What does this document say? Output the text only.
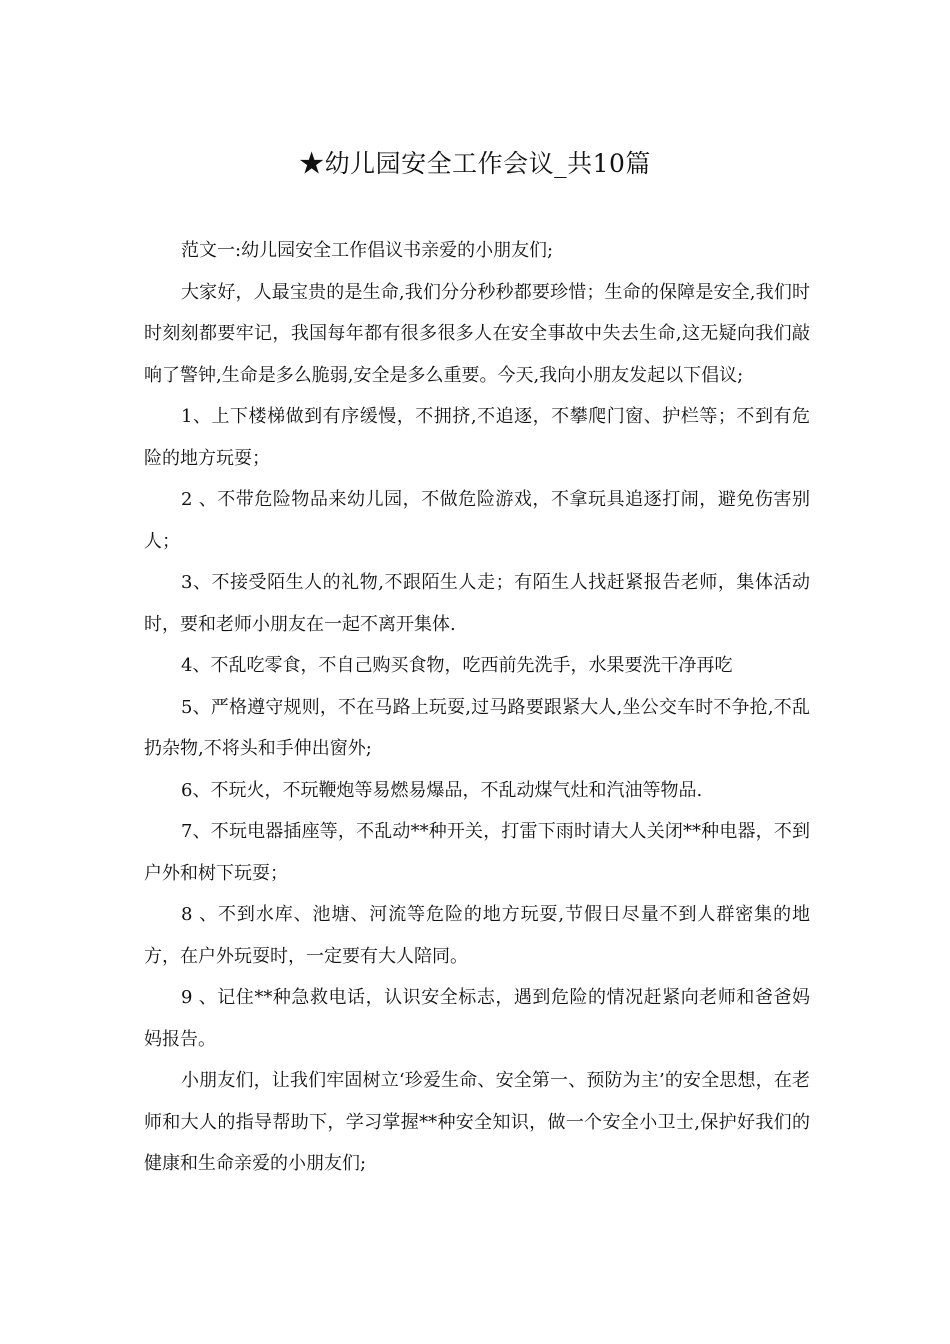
★幼儿园安全工作会议_共10篇

范文一:幼儿园安全工作倡议书亲爱的小朋友们;

大家好，人最宝贵的是生命,我们分分秒秒都要珍惜；生命的保障是安全,我们时时刻刻都要牢记，我国每年都有很多很多人在安全事故中失去生命,这无疑向我们敲响了警钟,生命是多么脆弱,安全是多么重要。今天,我向小朋友发起以下倡议;

1、上下楼梯做到有序缓慢，不拥挤,不追逐，不攀爬门窗、护栏等；不到有危险的地方玩耍；

2 、不带危险物品来幼儿园，不做危险游戏，不拿玩具追逐打闹，避免伤害别人；

3、不接受陌生人的礼物,不跟陌生人走；有陌生人找赶紧报告老师，集体活动时，要和老师小朋友在一起不离开集体.

4、不乱吃零食，不自己购买食物，吃西前先洗手，水果要洗干净再吃

5、严格遵守规则，不在马路上玩耍,过马路要跟紧大人,坐公交车时不争抢,不乱扔杂物,不将头和手伸出窗外;

6、不玩火，不玩鞭炮等易燃易爆品，不乱动煤气灶和汽油等物品.

7、不玩电器插座等，不乱动**种开关，打雷下雨时请大人关闭**种电器，不到户外和树下玩耍；

8 、不到水库、池塘、河流等危险的地方玩耍,节假日尽量不到人群密集的地方，在户外玩耍时，一定要有大人陪同。

9 、记住**种急救电话，认识安全标志，遇到危险的情况赶紧向老师和爸爸妈妈报告。

小朋友们，让我们牢固树立‘珍爱生命、安全第一、预防为主’的安全思想，在老师和大人的指导帮助下，学习掌握**种安全知识，做一个安全小卫士,保护好我们的健康和生命亲爱的小朋友们;
